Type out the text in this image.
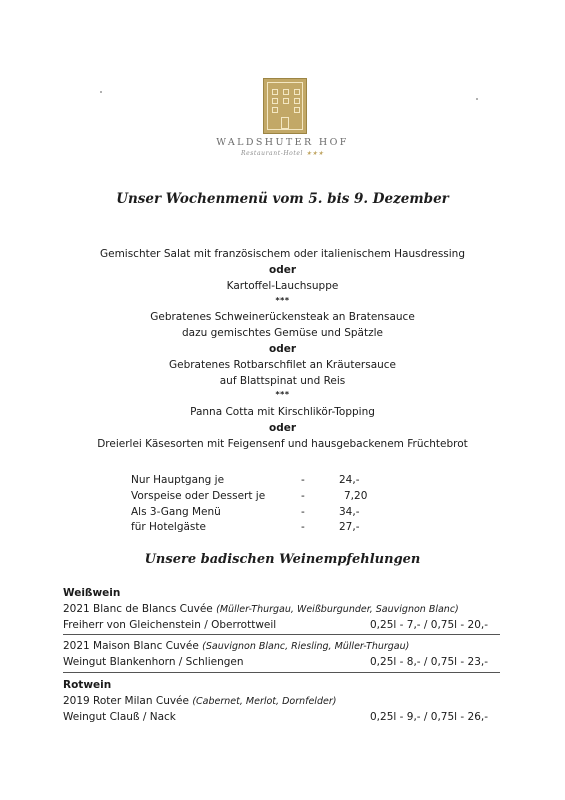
WALDSHUTER HOF
Restaurant-Hotel ★★★
Unser Wochenmenü vom 5. bis 9. Dezember
Gemischter Salat mit französischem oder italienischem Hausdressing
oder
Kartoffel-Lauchsuppe
***
Gebratenes Schweinerückensteak an Bratensauce
dazu gemischtes Gemüse und Spätzle
oder
Gebratenes Rotbarschfilet an Kräutersauce
auf Blattspinat und Reis
***
Panna Cotta mit Kirschlikör-Topping
oder
Dreierlei Käsesorten mit Feigensenf und hausgebackenem Früchtebrot
Nur Hauptgang je	-	24,-
Vorspeise oder Dessert je	-	7,20
Als 3-Gang Menü	-	34,-
für Hotelgäste	-	27,-
Unsere badischen Weinempfehlungen
Weißwein
2021 Blanc de Blancs Cuvée (Müller-Thurgau, Weißburgunder, Sauvignon Blanc)
Freiherr von Gleichenstein / Oberrottweil	0,25l - 7,- / 0,75l - 20,-
2021 Maison Blanc Cuvée (Sauvignon Blanc, Riesling, Müller-Thurgau)
Weingut Blankenhorn / Schliengen	0,25l - 8,- / 0,75l - 23,-
Rotwein
2019 Roter Milan Cuvée (Cabernet, Merlot, Dornfelder)
Weingut Clauß / Nack	0,25l - 9,- / 0,75l - 26,-
